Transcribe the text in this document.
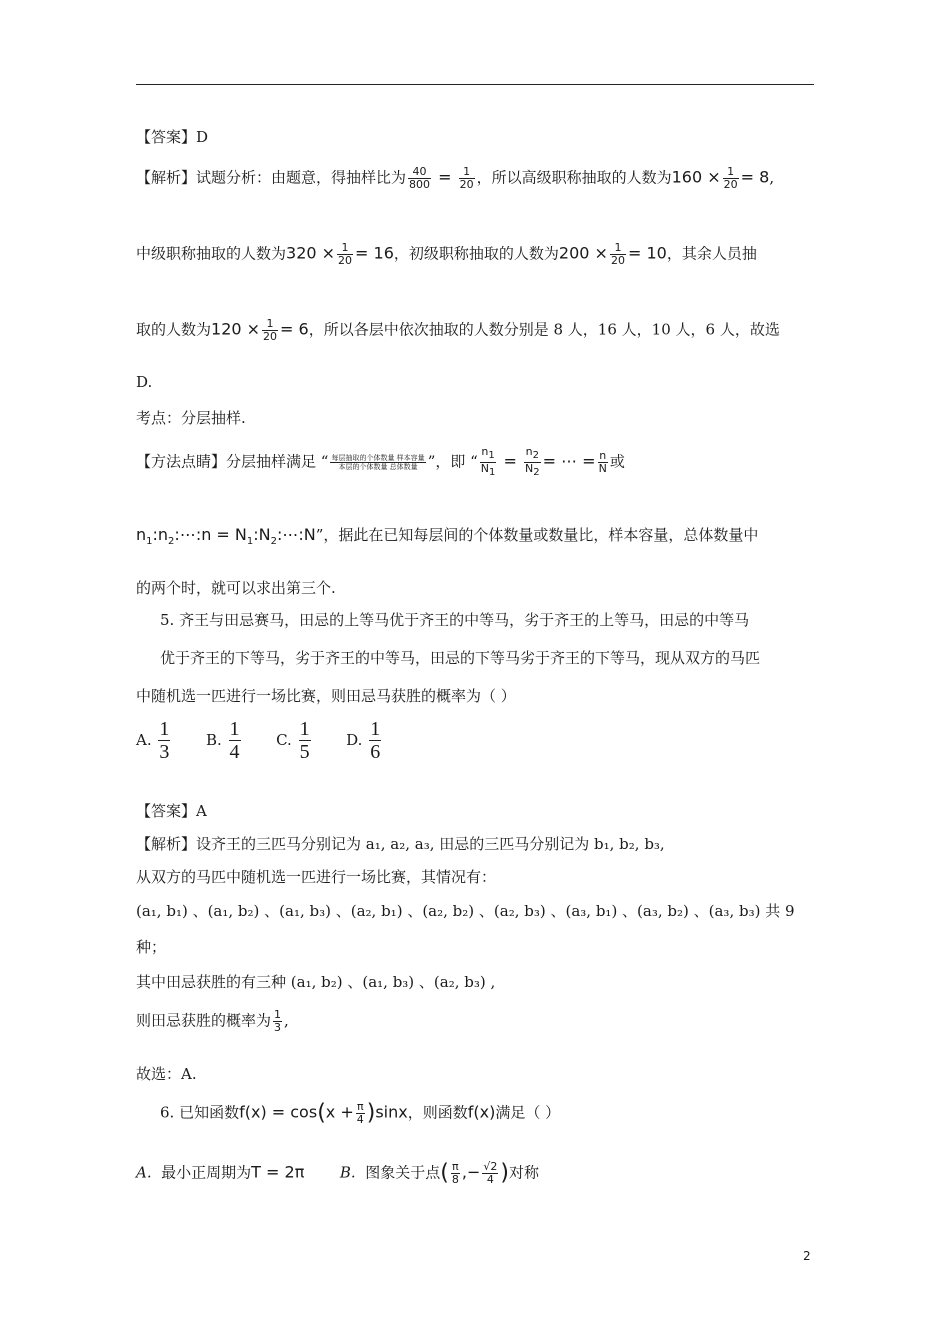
【答案】D
【解析】试题分析：由题意，得抽样比为 $\frac{40}{800} = \frac{1}{20}$ ，所以高级职称抽取的人数为$160 \times \frac{1}{20} = 8$,
中级职称抽取的人数为$320 \times \frac{1}{20} = 16$，初级职称抽取的人数为$200 \times \frac{1}{20} = 10$，其余人员抽
取的人数为$120 \times \frac{1}{20} = 6$，所以各层中依次抽取的人数分别是 8 人，16 人，10 人，6 人，故选
D.
考点：分层抽样.
【方法点睛】分层抽样满足 “ 每层抽取的个体数量 样本容量
本层的个体数量 总体数量 ”，即 “ $\frac{n_1}{N_1} = \frac{n_2}{N_2}$ = ⋯ = $\frac{n}{N}$ 或
$n_1:n_2:\cdots:n$ = $N_1:N_2:\cdots:N$”，据此在已知每层间的个体数量或数量比，样本容量，总体数量中
的两个时，就可以求出第三个.
5. 齐王与田忌赛马，田忌的上等马优于齐王的中等马，劣于齐王的上等马，田忌的中等马
优于齐王的下等马，劣于齐王的中等马，田忌的下等马劣于齐王的下等马，现从双方的马匹
中随机选一匹进行一场比赛，则田忌马获胜的概率为（ ）
A. $\frac{1}{3} B$. $\frac{1}{4} C$. $\frac{1}{5} D$. $\frac{1}{6}$
【答案】A
【解析】设齐王的三匹马分别记为 a₁, a₂, a₃, 田忌的三匹马分别记为 b₁, b₂, b₃,
从双方的马匹中随机选一匹进行一场比赛，其情况有：
(a₁, b₁) 、(a₁, b₂) 、(a₁, b₃) 、(a₂, b₁) 、(a₂, b₂) 、(a₂, b₃) 、(a₃, b₁) 、(a₃, b₂) 、(a₃, b₃) 共 9
种；
其中田忌获胜的有三种 (a₁, b₂) 、(a₁, b₃) 、(a₂, b₃) ,
则田忌获胜的概率为 $\frac{1}{3}$ ,
故选：A.
6. 已知函数$f(x) = \cos(x + \frac{\pi}{4} )\sin x$，则函数f(x)满足（ ）
A. 最小正周期为T = 2π B. 图象关于点( $\frac{\pi}{8}$ ,− $\frac{√2}{4}$ )对称
2
